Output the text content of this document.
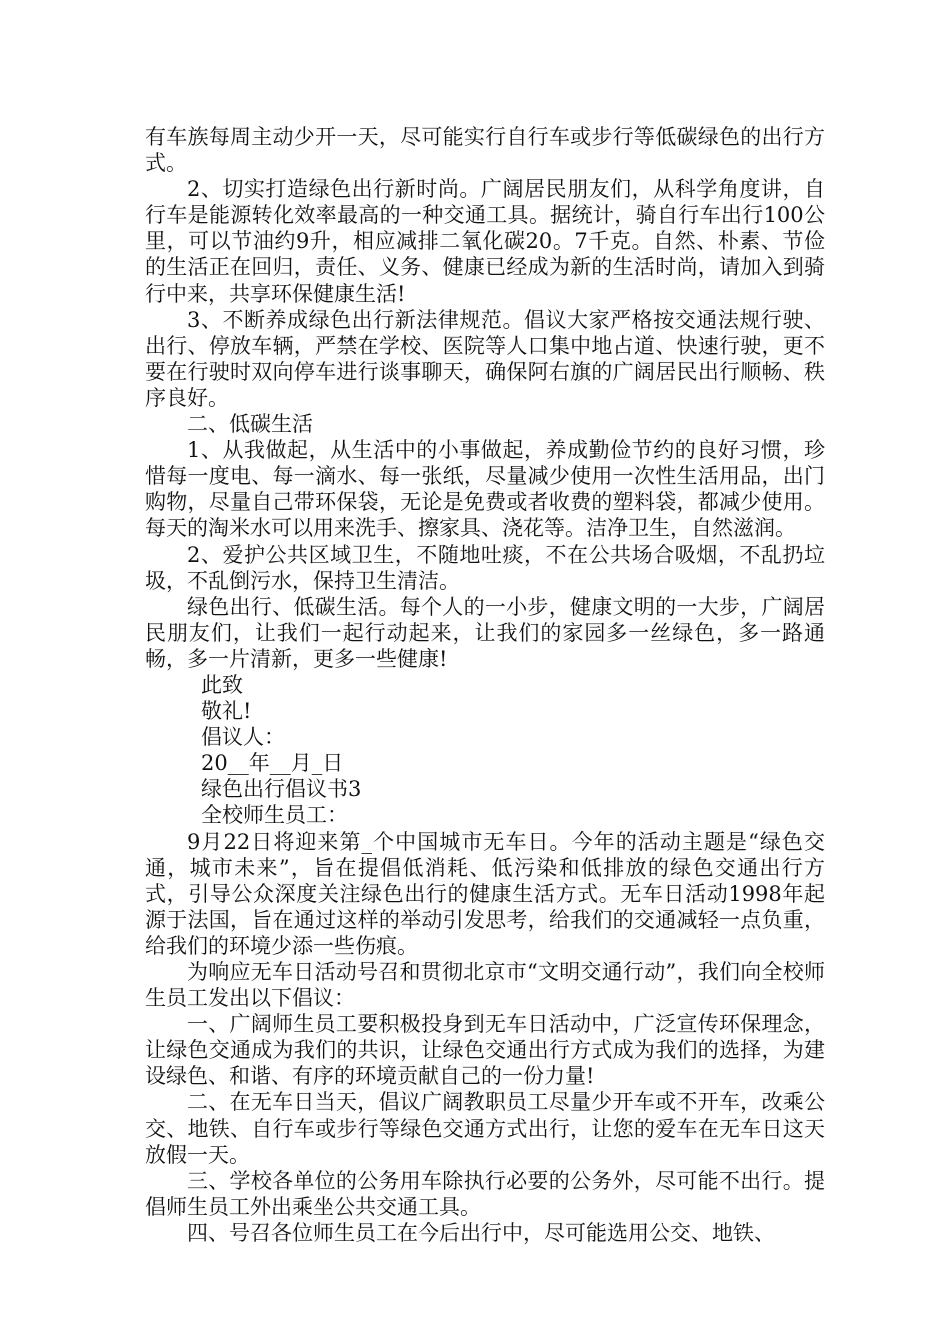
有车族每周主动少开一天，尽可能实行自行车或步行等低碳绿色的出行方式。

2、切实打造绿色出行新时尚。广阔居民朋友们，从科学角度讲，自行车是能源转化效率最高的一种交通工具。据统计，骑自行车出行100公里，可以节油约9升，相应减排二氧化碳20。7千克。自然、朴素、节俭的生活正在回归，责任、义务、健康已经成为新的生活时尚，请加入到骑行中来，共享环保健康生活!

3、不断养成绿色出行新法律规范。倡议大家严格按交通法规行驶、出行、停放车辆，严禁在学校、医院等人口集中地占道、快速行驶，更不要在行驶时双向停车进行谈事聊天，确保阿右旗的广阔居民出行顺畅、秩序良好。

二、低碳生活

1、从我做起，从生活中的小事做起，养成勤俭节约的良好习惯，珍惜每一度电、每一滴水、每一张纸，尽量减少使用一次性生活用品，出门购物，尽量自己带环保袋，无论是免费或者收费的塑料袋，都减少使用。每天的淘米水可以用来洗手、擦家具、浇花等。洁净卫生，自然滋润。

2、爱护公共区域卫生，不随地吐痰，不在公共场合吸烟，不乱扔垃圾，不乱倒污水，保持卫生清洁。

绿色出行、低碳生活。每个人的一小步，健康文明的一大步，广阔居民朋友们，让我们一起行动起来，让我们的家园多一丝绿色，多一路通畅，多一片清新，更多一些健康!

此致

敬礼!

倡议人：

20__年__月_日

绿色出行倡议书3

全校师生员工：

9月22日将迎来第_个中国城市无车日。今年的活动主题是“绿色交通，城市未来”，旨在提倡低消耗、低污染和低排放的绿色交通出行方式，引导公众深度关注绿色出行的健康生活方式。无车日活动1998年起源于法国，旨在通过这样的举动引发思考，给我们的交通减轻一点负重，给我们的环境少添一些伤痕。

为响应无车日活动号召和贯彻北京市“文明交通行动”，我们向全校师生员工发出以下倡议：

一、广阔师生员工要积极投身到无车日活动中，广泛宣传环保理念，让绿色交通成为我们的共识，让绿色交通出行方式成为我们的选择，为建设绿色、和谐、有序的环境贡献自己的一份力量!

二、在无车日当天，倡议广阔教职员工尽量少开车或不开车，改乘公交、地铁、自行车或步行等绿色交通方式出行，让您的爱车在无车日这天放假一天。

三、学校各单位的公务用车除执行必要的公务外，尽可能不出行。提倡师生员工外出乘坐公共交通工具。

四、号召各位师生员工在今后出行中，尽可能选用公交、地铁、
